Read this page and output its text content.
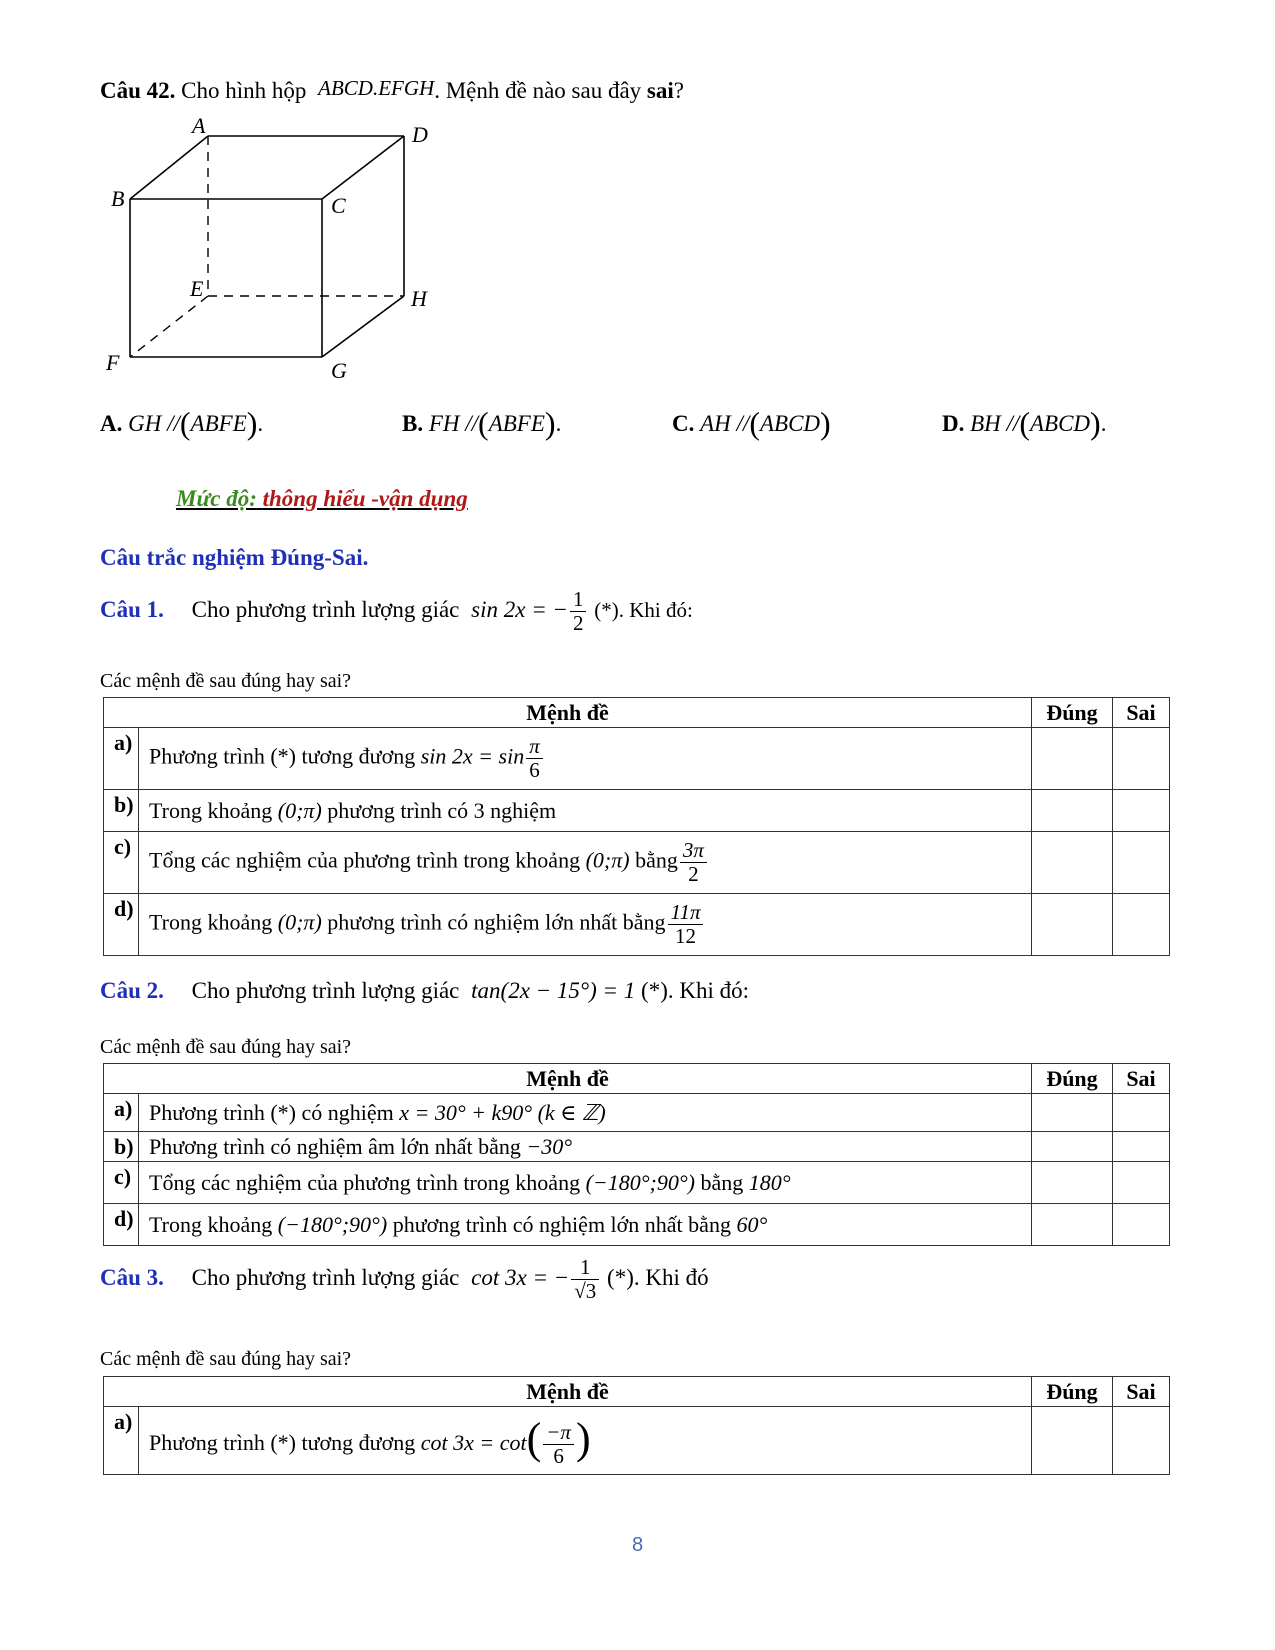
Câu 42. Cho hình hộp ABCD.EFGH. Mệnh đề nào sau đây sai?
A	D
B	C
E	H
F	G
A. GH //(ABFE).	B. FH //(ABFE).	C. AH //(ABCD)	D. BH //(ABCD).
Mức độ: thông hiểu -vận dụng
Câu trắc nghiệm Đúng-Sai.
Câu 1. Cho phương trình lượng giác sin 2x = − $\frac{1}{2}$ (*). Khi đó:
Các mệnh đề sau đúng hay sai?
Mệnh đề		Đúng	Sai
a)	Phương trình (*) tương đương $\sin 2x = \sin \frac{\pi}{6}$

b)	Trong khoảng (0;π) phương trình có 3 nghiệm		
c)	Tổng các nghiệm của phương trình trong khoảng (0;π) bằng $\frac{3\pi}{2}$

d)	Trong khoảng (0;π) phương trình có nghiệm lớn nhất bằng $\frac{11\pi}{12}$

Câu 2. Cho phương trình lượng giác tan(2x − 15°) = 1 (*). Khi đó:
Các mệnh đề sau đúng hay sai?
Mệnh đề		Đúng	Sai
a)	Phương trình (*) có nghiệm x = 30° + k90° (k ∈ ℤ)		
b)	Phương trình có nghiệm âm lớn nhất bằng −30°		
c)	Tổng các nghiệm của phương trình trong khoảng (−180°;90°) bằng 180°		
d)	Trong khoảng (−180°;90°) phương trình có nghiệm lớn nhất bằng 60°		
Câu 3. Cho phương trình lượng giác cot 3x = − $\frac{1}{√3}$ (*). Khi đó
Các mệnh đề sau đúng hay sai?
Mệnh đề		Đúng	Sai
a)	Phương trình (*) tương đương $\cot 3x = \cot( \frac{-\pi}{6}$ )		
8
